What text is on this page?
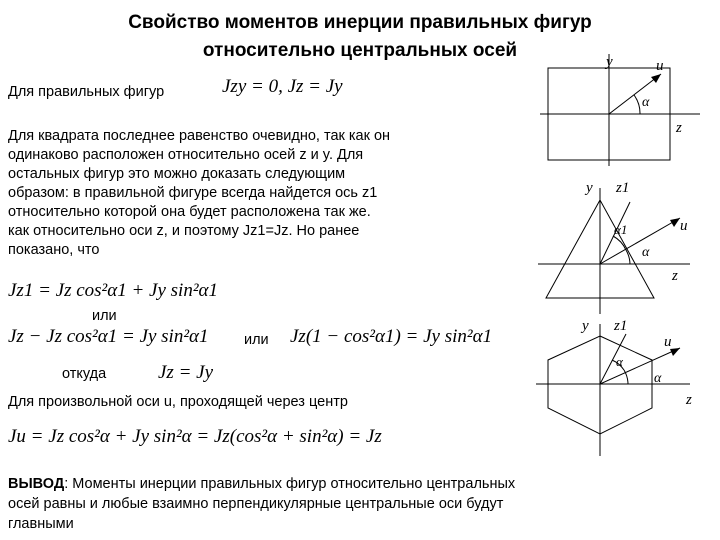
Свойство моментов инерции правильных фигур
относительно центральных осей
Для правильных фигур	Jzy = 0, Jz = Jy
Для квадрата последнее равенство очевидно, так как он
одинаково расположен относительно осей z и y. Для
остальных фигур это можно доказать следующим
образом: в правильной фигуре всегда найдется ось z1
относительно которой она будет расположена так же.
как относительно оси z, и поэтому Jz1=Jz. Но ранее
показано, что
Jz1 = Jz cos²α1 + Jy sin²α1
или
Jz − Jz cos²α1 = Jy sin²α1 или Jz(1 − cos²α1) = Jy sin²α1
откуда	Jz = Jy
Для произвольной оси u, проходящей через центр
Ju = Jz cos²α + Jy sin²α = Jz(cos²α + sin²α) = Jz
ВЫВОД: Моменты инерции правильных фигур относительно центральных
осей равны и любые взаимно перпендикулярные центральные оси будут
главными
y	u
α
z
y z1
u
α1
α
z
y z1
u
α
α
z
